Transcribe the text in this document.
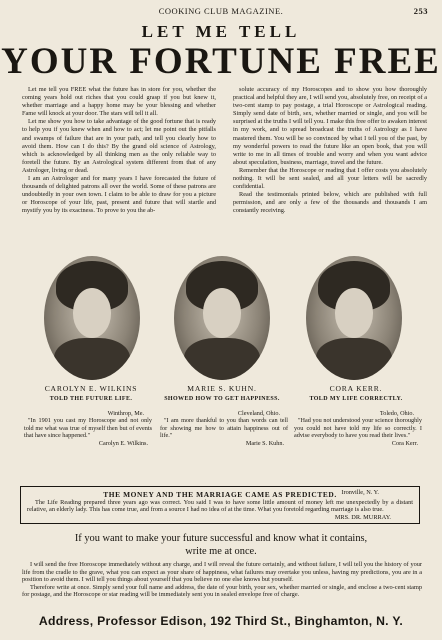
COOKING CLUB MAGAZINE.	253
LET ME TELL
YOUR FORTUNE FREE

Let me tell you FREE what the future has in store for you, whether the coming years hold out riches that you could grasp if you but knew it, whether marriage and a happy home may be your blessing and whether Fame will knock at your door. The stars will tell it all.

Let me show you how to take advantage of the good fortune that is ready to help you if you knew when and how to act; let me point out the pitfalls and swamps of failure that are in your path, and tell you clearly how to avoid them. How can I do this? By the grand old science of Astrology, which is acknowledged by all thinking men as the only reliable way to foretell the future. By an Astrological system different from that of any Astrologer, living or dead.

I am an Astrologer and for many years I have forecasted the future of thousands of delighted patrons all over the world. Some of these patrons are undoubtedly in your own town. I claim to be able to draw for you a picture or Horoscope of your life, past, present and future that will startle and mystify you by its exactness. To prove to you the ab-

solute accuracy of my Horoscopes and to show you how thoroughly practical and helpful they are, I will send you, absolutely free, on receipt of a two-cent stamp to pay postage, a trial Horoscope or Astrological reading. Simply send date of birth, sex, whether married or single, and you will be surprised at the truths I will tell you. I make this free offer to awaken interest in my work, and to spread broadcast the truths of Astrology as I have mastered them. You will be so convinced by what I tell you of the past, by my wonderful powers to read the future like an open book, that you will write to me in all times of trouble and worry and when you want advice about speculation, business, marriage, travel and the future.

Remember that the Horoscope or reading that I offer costs you absolutely nothing. It will be sent sealed, and all your letters will be sacredly confidential.

Read the testimonials printed below, which are published with full permission, and are only a few of the thousands and thousands I am constantly receiving.

CAROLYN E. WILKINS	MARIE S. KUHN.	CORA KERR.
TOLD THE FUTURE LIFE.	SHOWED HOW TO GET HAPPINESS.	TOLD MY LIFE CORRECTLY.
Winthrop, Me.
"In 1901 you cast my Horoscope and not only told me what was true of myself then but of events that have since happened."
Carolyn E. Wilkins.
Cleveland, Ohio.
"I am more thankful to you than words can tell for showing me how to attain happiness out of life."
Marie S. Kuhn.
Toledo, Ohio.
"Had you not understood your science thoroughly you could not have told my life so correctly. I advise everybody to have you read their lives."
Cora Kerr.
THE MONEY AND THE MARRIAGE CAME AS PREDICTED. Ironville, N. Y.
The Life Reading prepared three years ago was correct. You said I was to have some little amount of money left me unexpectedly by a distant relative, an elderly lady. This has come true, and from a source I had no idea of at the time. What you foretold regarding marriage is also true.
MRS. DR. MURRAY.
If you want to make your future successful and know what it contains,
write me at once.

I will send the free Horoscope immediately without any charge, and I will reveal the future certainly, and without failure, I will tell you the history of your life from the cradle to the grave, what you can expect as your share of happiness, what failures may overtake you unless, having my predictions, you are in a position to avoid them. I will tell you things about yourself that you believe no one else knows but yourself.

Therefore write at once. Simply send your full name and address, the date of your birth, your sex, whether married or single, and enclose a two-cent stamp for postage, and the Horoscope or star reading will be immediately sent you in sealed envelope free of charge.

Address, Professor Edison, 192 Third St., Binghamton, N. Y.
